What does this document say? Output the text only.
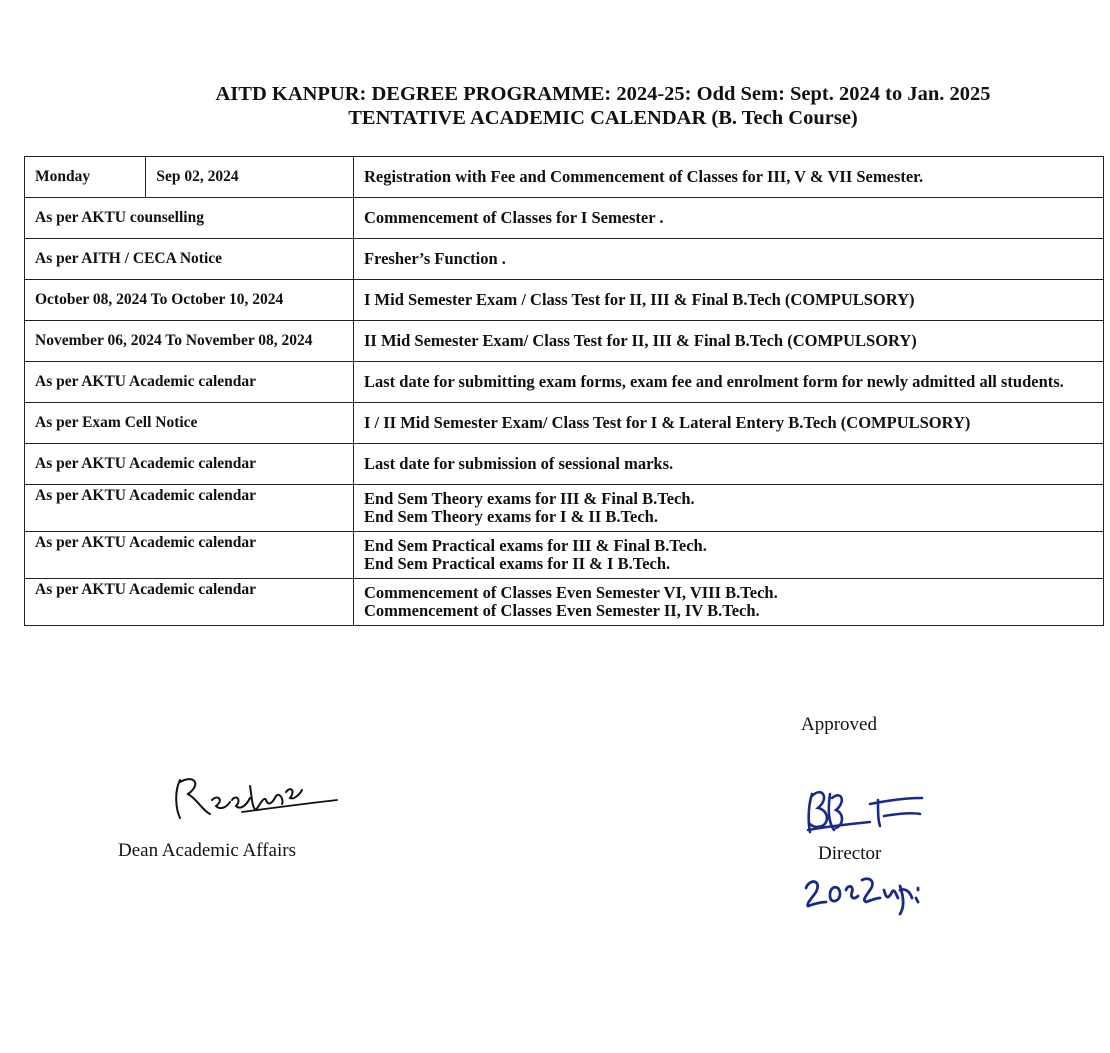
AITD KANPUR: DEGREE PROGRAMME: 2024-25: Odd Sem: Sept. 2024 to Jan. 2025
TENTATIVE ACADEMIC CALENDAR (B. Tech Course)
Monday	Sep 02, 2024	Registration with Fee and Commencement of Classes for III, V & VII Semester.

As per AKTU counselling		Commencement of Classes for I Semester .

As per AITH / CECA Notice		Fresher’s Function .

October 08, 2024 To October 10, 2024		I Mid Semester Exam / Class Test for II, III & Final B.Tech (COMPULSORY)

November 06, 2024 To November 08, 2024		II Mid Semester Exam/ Class Test for II, III & Final B.Tech (COMPULSORY)

As per AKTU Academic calendar		Last date for submitting exam forms, exam fee and enrolment form for newly admitted all students.

As per Exam Cell Notice		I / II Mid Semester Exam/ Class Test for I & Lateral Entery B.Tech (COMPULSORY)

As per AKTU Academic calendar		Last date for submission of sessional marks.

As per AKTU Academic calendar		End Sem Theory exams for III & Final B.Tech.
End Sem Theory exams for I & II B.Tech.

As per AKTU Academic calendar		End Sem Practical exams for III & Final B.Tech.
End Sem Practical exams for II & I B.Tech.

As per AKTU Academic calendar		Commencement of Classes Even Semester VI, VIII B.Tech.
Commencement of Classes Even Semester II, IV B.Tech.
Approved
Dean Academic Affairs	Director
